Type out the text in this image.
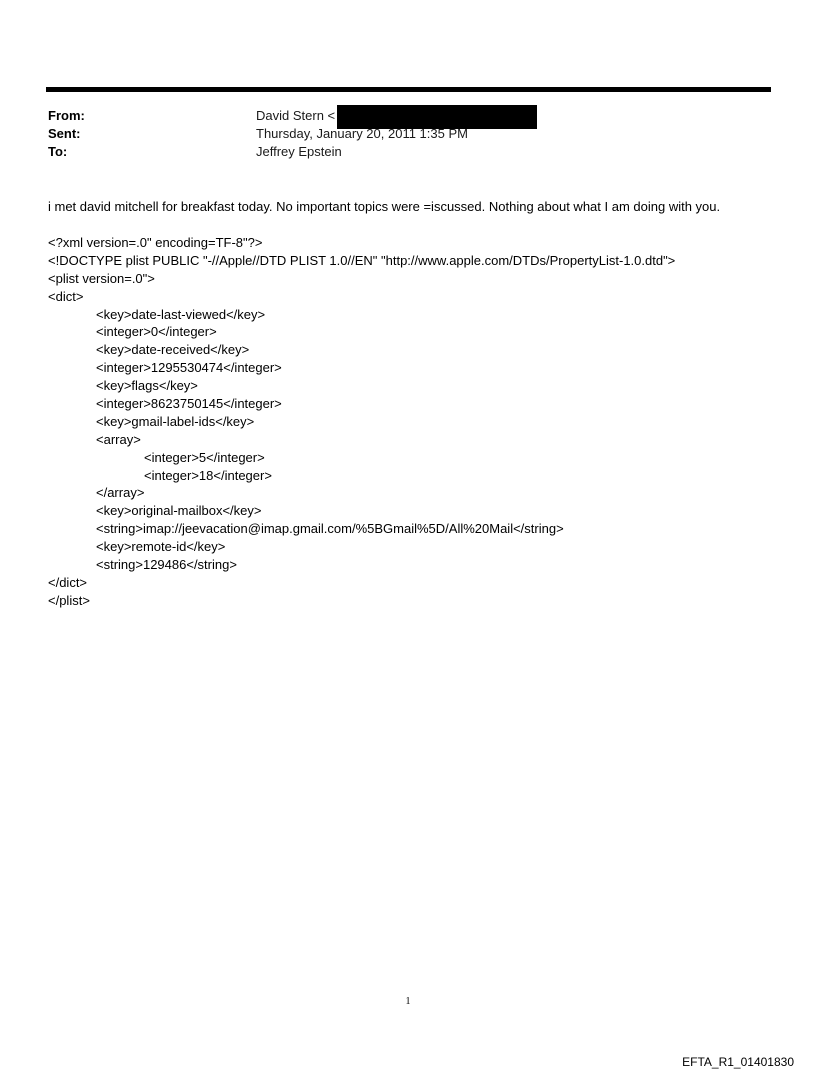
From:	David Stern <
Sent:	Thursday, January 20, 2011 1:35 PM
To:	Jeffrey Epstein
i met david mitchell for breakfast today. No important topics were =iscussed. Nothing about what I am doing with you.
<?xml version=.0" encoding=TF-8"?>
<!DOCTYPE plist PUBLIC "-//Apple//DTD PLIST 1.0//EN" "http://www.apple.com/DTDs/PropertyList-1.0.dtd">
<plist version=.0">
<dict>
<key>date-last-viewed</key>
<integer>0</integer>
<key>date-received</key>
<integer>1295530474</integer>
<key>flags</key>
<integer>8623750145</integer>
<key>gmail-label-ids</key>
<array>
<integer>5</integer>
<integer>18</integer>
</array>
<key>original-mailbox</key>
<string>imap://jeevacation@imap.gmail.com/%5BGmail%5D/All%20Mail</string>
<key>remote-id</key>
<string>129486</string>
</dict>
</plist>
1
EFTA_R1_01401830
